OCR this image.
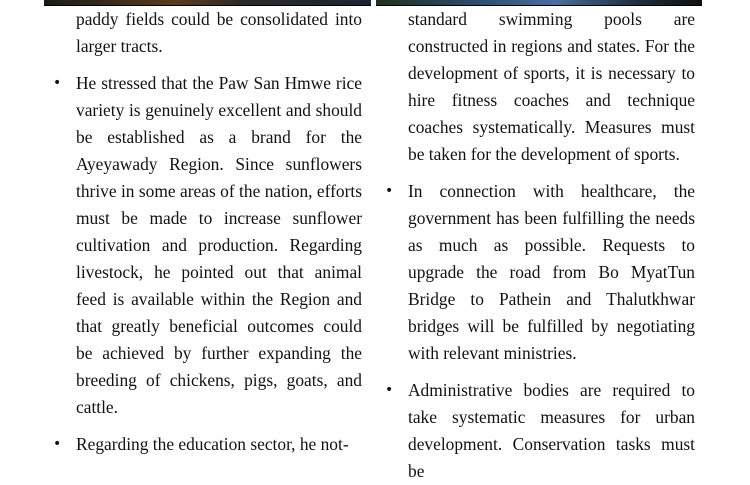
paddy fields could be consolidated into larger tracts.

• He stressed that the Paw San Hmwe rice variety is genuinely excellent and should be established as a brand for the Ayeyawady Region. Since sunflowers thrive in some areas of the nation, efforts must be made to increase sunflower cultivation and production. Regarding livestock, he pointed out that animal feed is available within the Region and that greatly beneficial outcomes could be achieved by further expanding the breeding of chickens, pigs, goats, and cattle.
• Regarding the education sector, he not-

standard swimming pools are constructed in regions and states. For the development of sports, it is necessary to hire fitness coaches and technique coaches systematically. Measures must be taken for the development of sports.

• In connection with healthcare, the government has been fulfilling the needs as much as possible. Requests to upgrade the road from Bo MyatTun Bridge to Pathein and Thalutkhwar bridges will be fulfilled by negotiating with relevant ministries.
• Administrative bodies are required to take systematic measures for urban development. Conservation tasks must be
